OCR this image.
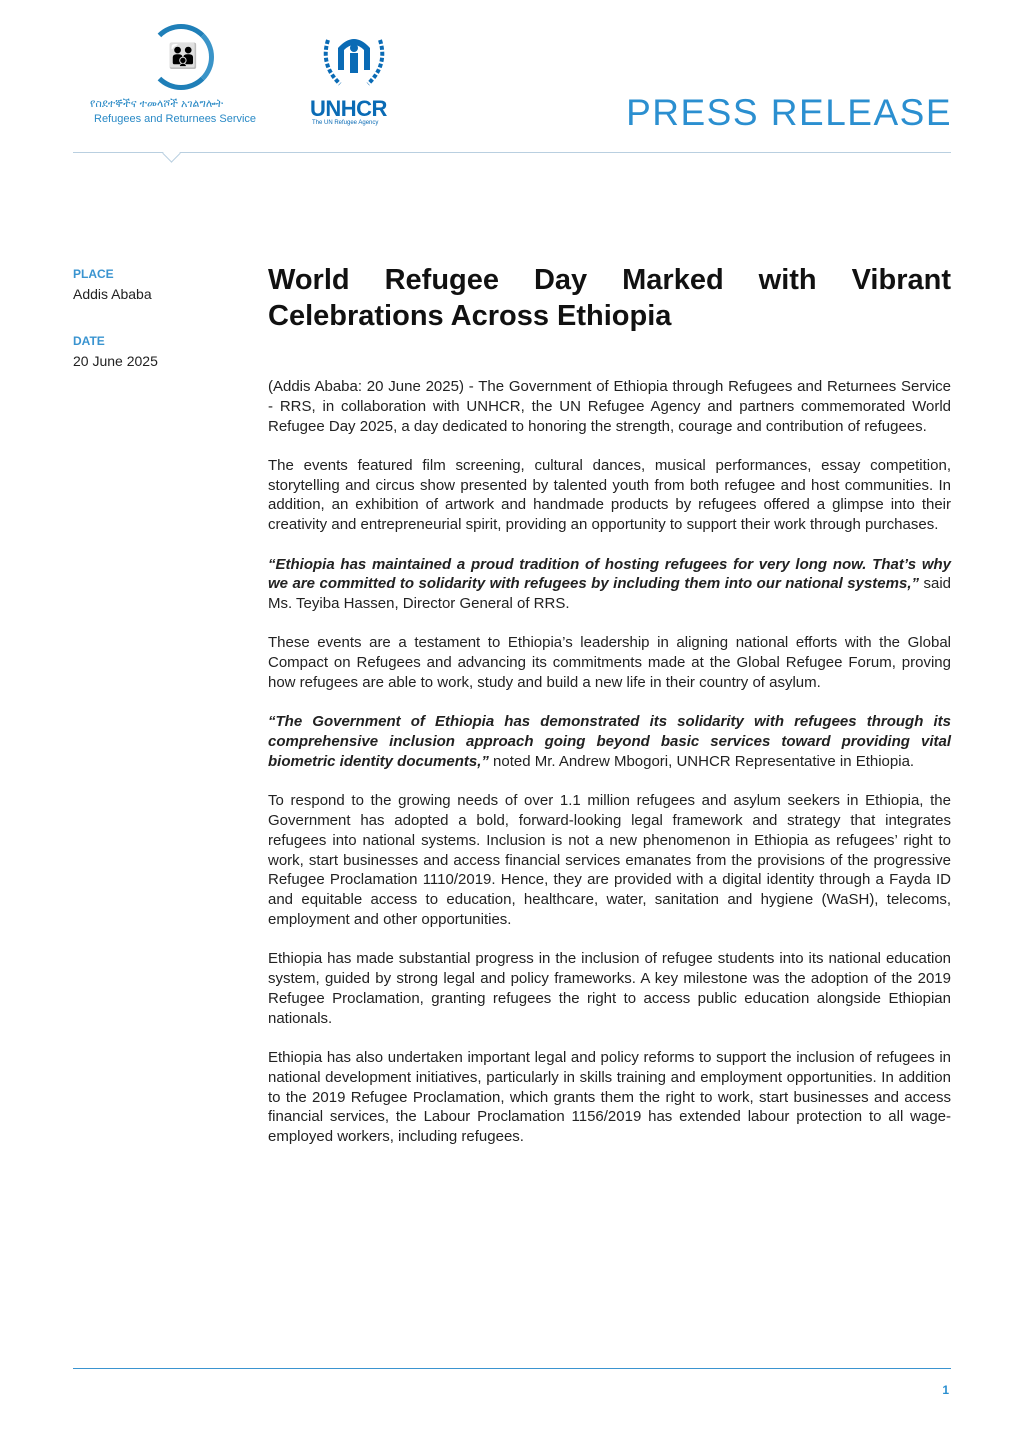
👪
የስደተኞችና ተመላሾች አገልግሎት
Refugees and Returnees Service UNHCR
The UN Refugee Agency	PRESS RELEASE
PLACE
Addis Ababa
DATE
20 June 2025
World Refugee Day Marked with Vibrant Celebrations Across Ethiopia

(Addis Ababa: 20 June 2025) - The Government of Ethiopia through Refugees and Returnees Service - RRS, in collaboration with UNHCR, the UN Refugee Agency and partners commemorated World Refugee Day 2025, a day dedicated to honoring the strength, courage and contribution of refugees.

The events featured film screening, cultural dances, musical performances, essay competition, storytelling and circus show presented by talented youth from both refugee and host communities. In addition, an exhibition of artwork and handmade products by refugees offered a glimpse into their creativity and entrepreneurial spirit, providing an opportunity to support their work through purchases.

“Ethiopia has maintained a proud tradition of hosting refugees for very long now. That’s why we are committed to solidarity with refugees by including them into our national systems,” said Ms. Teyiba Hassen, Director General of RRS.

These events are a testament to Ethiopia’s leadership in aligning national efforts with the Global Compact on Refugees and advancing its commitments made at the Global Refugee Forum, proving how refugees are able to work, study and build a new life in their country of asylum.

“The Government of Ethiopia has demonstrated its solidarity with refugees through its comprehensive inclusion approach going beyond basic services toward providing vital biometric identity documents,” noted Mr. Andrew Mbogori, UNHCR Representative in Ethiopia.

To respond to the growing needs of over 1.1 million refugees and asylum seekers in Ethiopia, the Government has adopted a bold, forward-looking legal framework and strategy that integrates refugees into national systems. Inclusion is not a new phenomenon in Ethiopia as refugees’ right to work, start businesses and access financial services emanates from the provisions of the progressive Refugee Proclamation 1110/2019. Hence, they are provided with a digital identity through a Fayda ID and equitable access to education, healthcare, water, sanitation and hygiene (WaSH), telecoms, employment and other opportunities.

Ethiopia has made substantial progress in the inclusion of refugee students into its national education system, guided by strong legal and policy frameworks. A key milestone was the adoption of the 2019 Refugee Proclamation, granting refugees the right to access public education alongside Ethiopian nationals.

Ethiopia has also undertaken important legal and policy reforms to support the inclusion of refugees in national development initiatives, particularly in skills training and employment opportunities. In addition to the 2019 Refugee Proclamation, which grants them the right to work, start businesses and access financial services, the Labour Proclamation 1156/2019 has extended labour protection to all wage-employed workers, including refugees.

1
